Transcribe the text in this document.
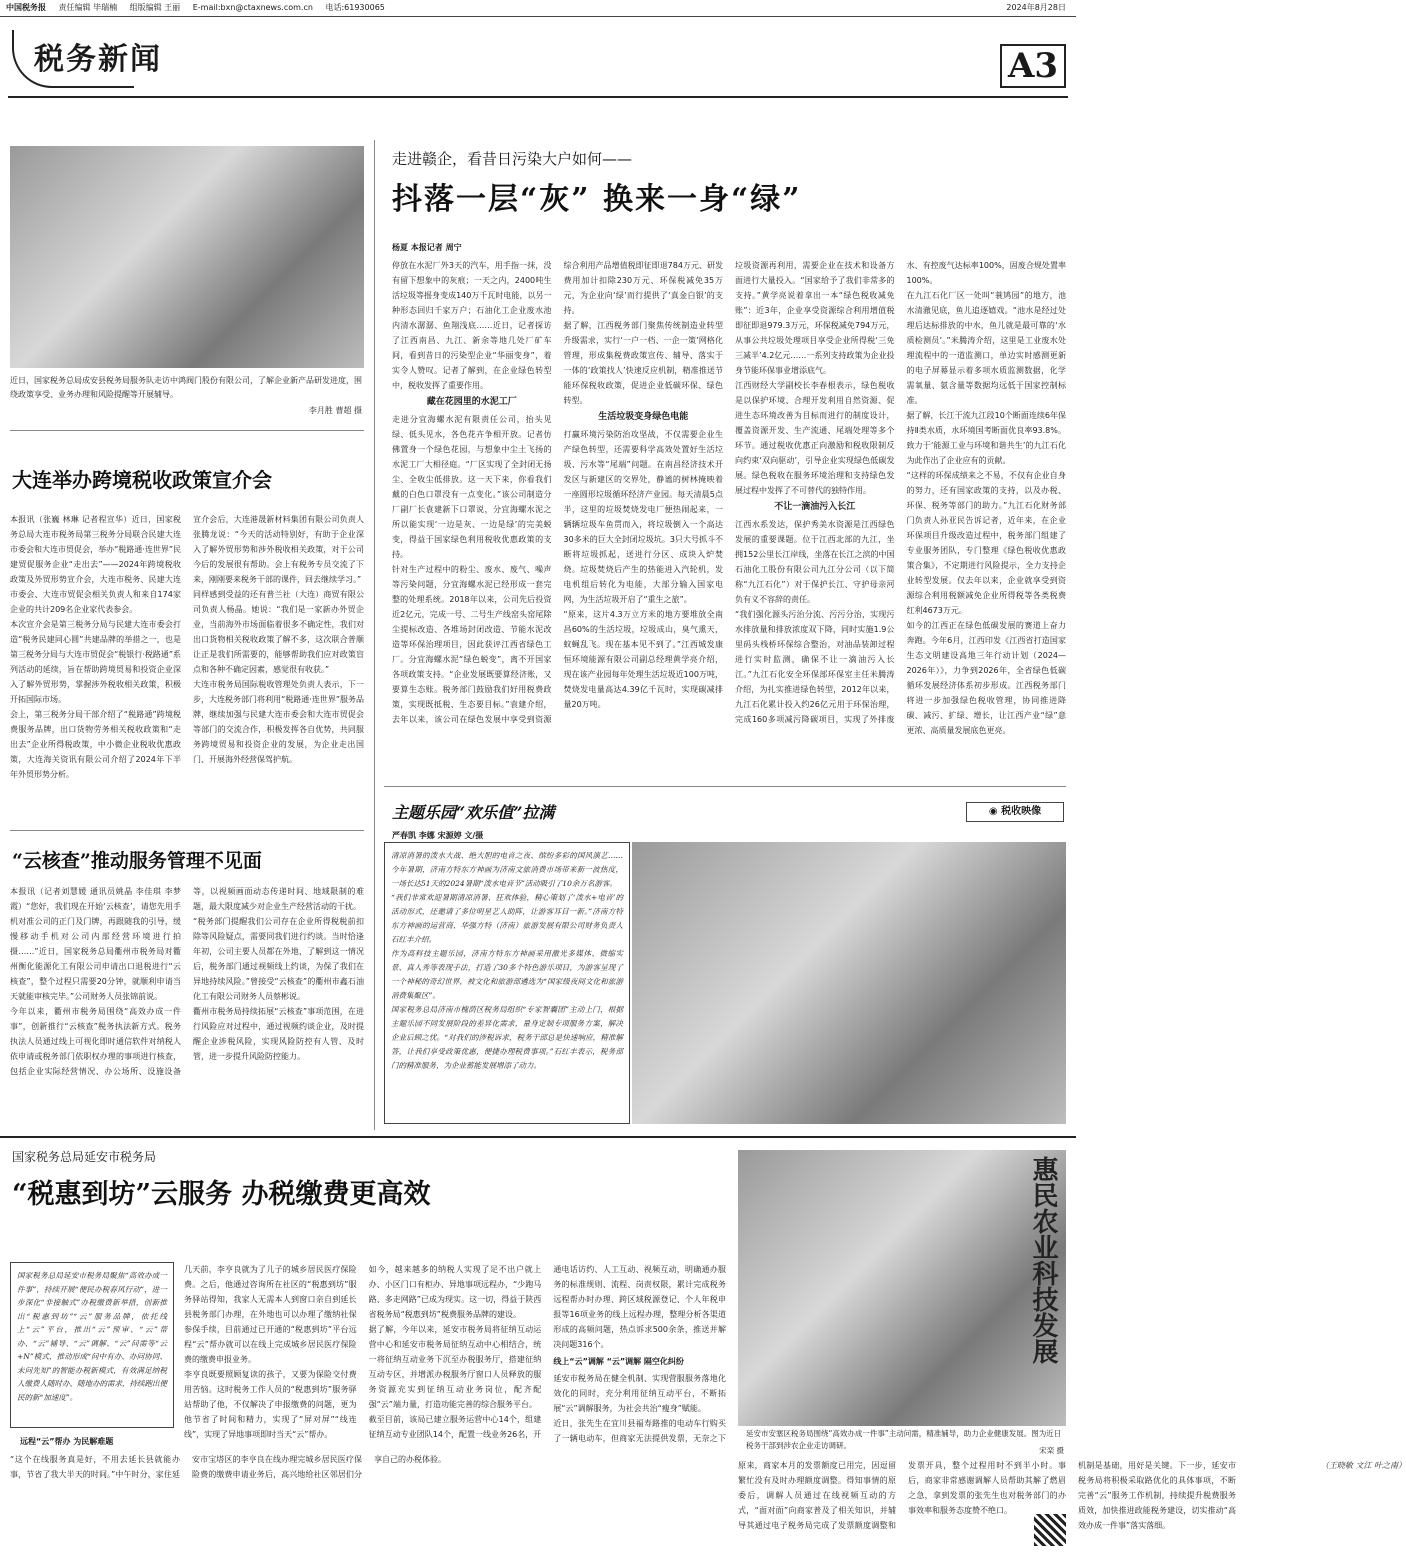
中国税务报 责任编辑 毕瑞楠 组版编辑 王丽 E-mail:bxn@ctaxnews.com.cn 电话:61930065	2024年8月28日
税务新闻	A3
近日，国家税务总局成安县税务局服务队走访中鸿阀门股份有限公司，了解企业新产品研发进度，围绕政策享受、业务办理和风险提醒等开展辅导。
李月胜 曹超 摄
大连举办跨境税收政策宣介会

本报讯（张巍 林琳 记者程宣华）近日，国家税务总局大连市税务局第三税务分局联合民建大连市委会和大连市贸促会，举办“税路通·连世界”民建贸促服务企业“走出去”——2024年跨境税收政策及外贸形势宣介会，大连市税务、民建大连市委会、大连市贸促会相关负责人和来自174家企业的共计209名企业家代表参会。

本次宣介会是第三税务分局与民建大连市委会打造“税务民建同心圆”共建品牌的举措之一，也是第三税务分局与大连市贸促会“税银行·税路通”系列活动的延续，旨在帮助跨境贸易和投资企业深入了解外贸形势，掌握涉外税收相关政策，积极开拓国际市场。

会上，第三税务分局干部介绍了“税路通”跨境税费服务品牌，出口货物劳务相关税收政策和“走出去”企业所得税政策，中小微企业税收优惠政策，大连海关资讯有限公司介绍了2024年下半年外贸形势分析。

宣介会后，大连港晟新材料集团有限公司负责人张腾龙说：“今天的活动特别好，有助于企业深入了解外贸形势和涉外税收相关政策，对于公司今后的发展很有帮助。会上有税务专员交流了下来，刚刚要来税务干部的课件，回去继续学习。”

同样感到受益的还有普兰社（大连）商贸有限公司负责人杨晶。她说：“我们是一家新办外贸企业，当前海外市场面临着很多不确定性，我们对出口货物相关税收政策了解不多，这次联合普顺让正是我们所需要的，能够帮助我们应对政策盲点和各种不确定因素，感觉很有收获。”

大连市税务局国际税收管理处负责人表示，下一步，大连税务部门将利用“税路通·连世界”服务品牌，继续加强与民建大连市委会和大连市贸促会等部门的交流合作，积极发挥各自优势，共同服务跨境贸易和投资企业的发展，为企业走出国门、开展海外经营保驾护航。

“云核查”推动服务管理不见面

本报讯（记者刘慧媛 通讯员姚晶 李佳琪 李梦霞）“您好，我们现在开始‘云核查’，请您先用手机对准公司的正门及门牌，再跟随我的引导，缓慢移动手机对公司内部经营环境进行拍摄……”近日，国家税务总局衢州市税务局对衢州衡化能源化工有限公司申请出口退税进行“云核查”，整个过程只需要20分钟，就顺利申请当天就能审核完毕。”公司财务人员张锦前说。

今年以来，衢州市税务局围绕“高效办成一件事”，创新推行“云核查”税务执法新方式。税务执法人员通过线上可视化即时通信软件对纳税人依申请或税务部门依职权办理的事项进行核查，包括企业实际经营情况、办公场所、设施设备等，以视频画面动态传递时间、地域限制的难题，最大限度减少对企业生产经营活动的干扰。

“税务部门提醒我们公司存在企业所得税税前扣除等风险疑点，需要同我们进行约谈。当时恰逢年初，公司主要人员都在外地，了解到这一情况后，税务部门通过视频线上约谈，为保了我们在异地持续风险。”曾接受“云核查”的衢州市鑫石油化工有限公司财务人员蔡彬说。

衢州市税务局持续拓展“云核查”事项范围，在进行风险应对过程中，通过视频约谈企业，及时提醒企业涉税风险，实现风险防控有人管、及时管，进一步提升风险防控能力。

走进赣企，看昔日污染大户如何——
抖落一层“灰” 换来一身“绿”
杨夏 本报记者 周宁

停放在水泥厂外3天的汽车，用手指一抹，没有留下想象中的灰痕；一天之内，2400吨生活垃圾等摇身变成140万千瓦时电能，以另一种形态回归千家万户；石油化工企业废水池内清水潺潺、鱼翔浅底……近日，记者探访了江西南昌、九江、新余等地几处厂矿车间，看到昔日的污染型企业“华丽变身”，着实令人赞叹。记者了解到，在企业绿色转型中，税收发挥了重要作用。

藏在花园里的水泥工厂

走进分宜海螺水泥有限责任公司，抬头见绿、低头见水，各色花卉争相开放。记者仿佛置身一个绿色花园，与想象中尘土飞扬的水泥工厂大相径庭。“厂区实现了全封闭无扬尘、全收尘低排放。这一天下来，你看我们戴的白色口罩没有一点变化。”该公司制造分厂副厂长袁建新下口罩说，分宜海螺水泥之所以能实现‘一边是灰、一边是绿’的完美蜕变，得益于国家绿色利用税收优惠政策的支持。

针对生产过程中的粉尘、废水、废气、噪声等污染问题，分宜海螺水泥已经形成一套完整的处理系统。2018年以来，公司先后投资近2亿元，完成一号、二号生产线窑头窑尾除尘提标改造、各堆场封闭改造、节能水泥改造等环保治理项目，因此获评江西省绿色工厂。分宜海螺水泥“绿色蜕变”，离不开国家各项政策支持。“企业发展既要算经济账，又要算生态账。税务部门鼓励我们好用税费政策，实现既抵税、生态要目标。”袁建介绍，去年以来，该公司在绿色发展中享受到资源综合利用产品增值税即征即退784万元、研发费用加计扣除230万元、环保税减免35万元，为企业向‘绿’而行提供了‘真金白银’的支持。

据了解，江西税务部门聚焦传统制造业转型升级需求，实行‘一户一档、一企一策’网格化管理，形成集税费政策宣传、辅导、落实于一体的‘政策找人’快速反应机制，精准推送节能环保税收政策，促进企业低碳环保、绿色转型。

生活垃圾变身绿色电能

打赢环境污染防治攻坚战，不仅需要企业生产绿色转型，还需要科学高效处置好生活垃圾、污水等“尾端”问题。在南昌经济技术开发区与新建区的交界处，静谧的树林掩映着一座圆形垃圾循环经济产业园。每天清晨5点半，这里的垃圾焚烧发电厂便热闹起来，一辆辆垃圾车鱼贯而入，将垃圾倒入一个高达30多米的巨大全封闭垃圾坑。3只大号抓斗不断将垃圾抓起，送进行分区、成块入炉焚烧。垃圾焚烧后产生的热能进入汽轮机，发电机组后转化为电能，大部分输入国家电网，为生活垃圾开启了“重生之旅”。

“原来，这片4.3万立方米的地方要堆放全南昌60%的生活垃圾，垃圾成山，臭气熏天，蚊蝇乱飞。现在基本见不到了。”江西城发康恒环境能源有限公司副总经理黄学亮介绍，现在该产业园每年处理生活垃圾近100万吨，焚烧发电量高达4.39亿千瓦时，实现碳减排量20万吨。

垃圾资源再利用，需要企业在技术和设备方面进行大量投入。“国家给予了我们非常多的支持。”黄学亮说着拿出一本“绿色税收减免账”：近3年，企业享受资源综合利用增值税即征即退979.3万元，环保税减免794万元，从事公共垃圾处理项目享受企业所得税‘三免三减半’4.2亿元……一系列支持政策为企业投身节能环保事业增添底气。

江西财经大学副校长李春根表示，绿色税收是以保护环境、合理开发利用自然资源、促进生态环境改善为目标而进行的制度设计，覆盖资源开发、生产流通、尾端处理等多个环节。通过税收优惠正向激励和税收限制反向约束‘双向驱动’，引导企业实现绿色低碳发展。绿色税收在服务环境治理和支持绿色发展过程中发挥了不可替代的独特作用。

不让一滴油污入长江

江西水系发达，保护秀美水资源是江西绿色发展的重要课题。位于江西北部的九江，坐拥152公里长江岸线，坐落在长江之滨的中国石油化工股份有限公司九江分公司（以下简称“九江石化”）对于保护长江、守护母亲河负有义不容辞的责任。

“我们强化源头污治分流、污污分治，实现污水排放量和排放浓度双下降，同时实施1.9公里码头栈桥环保综合整治，对油品装卸过程进行实时监测，确保不让一滴油污入长江。”九江石化安全环保部环保室主任米腾涛介绍，为扎实推进绿色转型，2012年以来，九江石化累计投入约26亿元用于环保治理，完成160多项减污降碳项目，实现了外排废水、有控废气达标率100%，固废合规处置率100%。

在九江石化厂区一处叫“蓑鸠园”的地方，池水清澈见底，鱼儿追逐嬉戏。“池水是经过处理后达标排放的中水，鱼儿就是最可靠的‘水质检测员’。”米腾涛介绍，这里是工业废水处理流程中的一道监测口，单边实时感测更新的电子屏幕显示着多项水质监测数据，化学需氧量、氨含量等数据均远低于国家控制标准。

据了解，长江干流九江段10个断面连续6年保持Ⅱ类水质，水环境国考断面优良率93.8%。致力于‘能源工业与环境和谐共生’的九江石化为此作出了企业应有的贡献。

“这样的环保成绩来之不易，不仅有企业自身的努力，还有国家政策的支持，以及办税、环保、税务等部门的助力。”九江石化财务部门负责人孙亚民告诉记者，近年来，在企业环保项目升级改造过程中，税务部门组建了专业服务团队，专门整理《绿色税收优惠政策合集》，不定期进行风险提示，全力支持企业转型发展。仅去年以来，企业就享受到资源综合利用税额减免企业所得税等各类税费红利4673万元。

如今的江西正在绿色低碳发展的赛道上奋力奔跑。今年6月，江西印发《江西省打造国家生态文明建设高地三年行动计划（2024—2026年）》，力争到2026年，全省绿色低碳循环发展经济体系初步形成。江西税务部门将进一步加强绿色税收管理，协同推进降碳、减污、扩绿、增长，让江西产业“绿”意更浓、高质量发展底色更亮。

主题乐园“欢乐值”拉满	◉ 税收映像
严春凯 李娜 宋源婷 文/摄

清凉消暑的泼水大战、绝大胆的电音之夜、缤纷多彩的国风演艺……今年暑期，济南方特东方神画为济南文旅消费市场带来新一波热度，一场长达51天的2024暑期“泼水电音节”活动吸引了10余万名游客。

“我们非常欢迎暑期清凉消暑、狂欢体验，精心策划了‘泼水+电音’的活动形式，还邀请了多位明星艺人助阵，让游客耳目一新。”济南方特东方神画的运营商、华强方特（济南）旅游发展有限公司财务负责人石红丰介绍。

作为高科技主题乐园，济南方特东方神画采用激光多媒体、微缩实景、真人秀等表现手法，打造了30多个特色游乐项目，为游客呈现了一个神秘的奇幻世界，被文化和旅游部遴选为“国家级夜间文化和旅游消费集聚区”。

国家税务总局济南市槐荫区税务局组织“专家智囊团”主动上门，根据主题乐园不同发展阶段的差异化需求，量身定制专项服务方案，解决企业后顾之忧。“对我们的涉税诉求，税务干部总是快速响应，精准解答，让我们享受政策优惠，便捷办理税费事项。”石红丰表示，税务部门的精准服务，为企业蓄能发展增添了动力。

国家税务总局延安市税务局
“税惠到坊”云服务 办税缴费更高效
国家税务总局延安市税务局聚焦“高效办成一件事”，持续开展“便民办税春风行动”，进一步深化“非接触式”办税缴费新举措，创新推出“税惠到坊”“云”服务品牌，依托线上“云”平台，推出“云”预审、“云”帮办、“云”辅导、“云”调解、“云”问需等“云+N”模式，推动形成“问中有办、办问协同、未问先知”的智能办税新模式，有效满足纳税人缴费人随时办、随地办的需求，持续跑出便民的新“加速度”。
远程“云”帮办 为民解难题

“这个在线服务真是好，不用去延长县就能办事，节省了我大半天的时间。”中午时分，家住延安市宝塔区的李亨良在线办理完城乡居民医疗保险费的缴费申请业务后，高兴地给社区邻居们分享自己的办税体验。

几天前，李亨良就为了儿子的城乡居民医疗保险费。之后，他通过咨询所在社区的“税惠到坊”服务驿站得知，我家人无需本人到窗口亲自到延长县税务部门办理，在外地也可以办理了缴纳社保参保手续，目前通过已开通的“税惠到坊”平台远程“云”帮办就可以在线上完成城乡居民医疗保险费的缴费申报业务。

李亨良既要照顾复读的孩子，又要为保险交付费用苦恼。这时税务工作人员的“税惠到坊”服务驿站帮助了他，不仅解决了申报缴费的问题，更为他节省了时间和精力，实现了“屏对屏”“线连线”，实现了异地事项即时当天“云”帮办。

如今，越来越多的纳税人实现了足不出户就上办、小区门口有柜办、异地事项远程办，“少跑马路、多走网路”已成为现实。这一切，得益于陕西省税务局“税惠到坊”税费服务品牌的建设。

据了解，今年以来，延安市税务局将征纳互动运营中心和延安市税务局征纳互动中心相结合，统一将征纳互动业务下沉至办税服务厅，搭建征纳互动专区，并增派办税服务厅窗口人员释放的服务资源充实到征纳互动业务岗位，配齐配强“云”端力量，打造功能完善的综合服务平台。

截至目前，该局已建立服务运营中心14个，组建征纳互动专业团队14个，配置一线业务26名，开通电话访约、人工互动、视频互动，明确通办服务的标准规则、流程、岗责权限，累计完成税务远程帮办时办理、跨区域税源登记、个人年税申报等16项业务的线上远程办理，整理分析各渠道形成的高频问题，热点诉求500余条，推送并解决问题316个。

线上“云”调解 “云”调解 隔空化纠纷

延安市税务局在健全机制、实现营服服务落地化效化的同时，充分利用征纳互动平台，不断拓展“云”调解服务，为社会共治“瘦身”赋能。

近日，张先生在宜川县福寿路推的电动车行购买了一辆电动车，但商家无法提供发票，无奈之下

惠民农业科技发展
延安市安塞区税务局围绕“高效办成一件事”主动问需，精准辅导，助力企业健康发展。图为近日税务干部到涉农企业走访调研。
宋栾 摄

原来，商家本月的发票额度已用完，因逗留繁忙没有及时办理额度调整。得知事情的原委后，调解人员通过在线视频互动的方式，“面对面”向商家普及了相关知识，并辅导其通过电子税务局完成了发票额度调整和发票开具，整个过程用时不到半小时。事后，商家非常感谢调解人员帮助其解了燃眉之急，拿到发票的张先生也对税务部门的办事效率和服务态度赞不绝口。

机制是基础，用好是关键。下一步，延安市税务局将积极采取路优化的具体事项，不断完善“云”服务工作机制，持续提升税费服务质效，加快推进政能税务建设，切实推动“高效办成一件事”落实落细。

（王晓敏 文江 叶之南）
